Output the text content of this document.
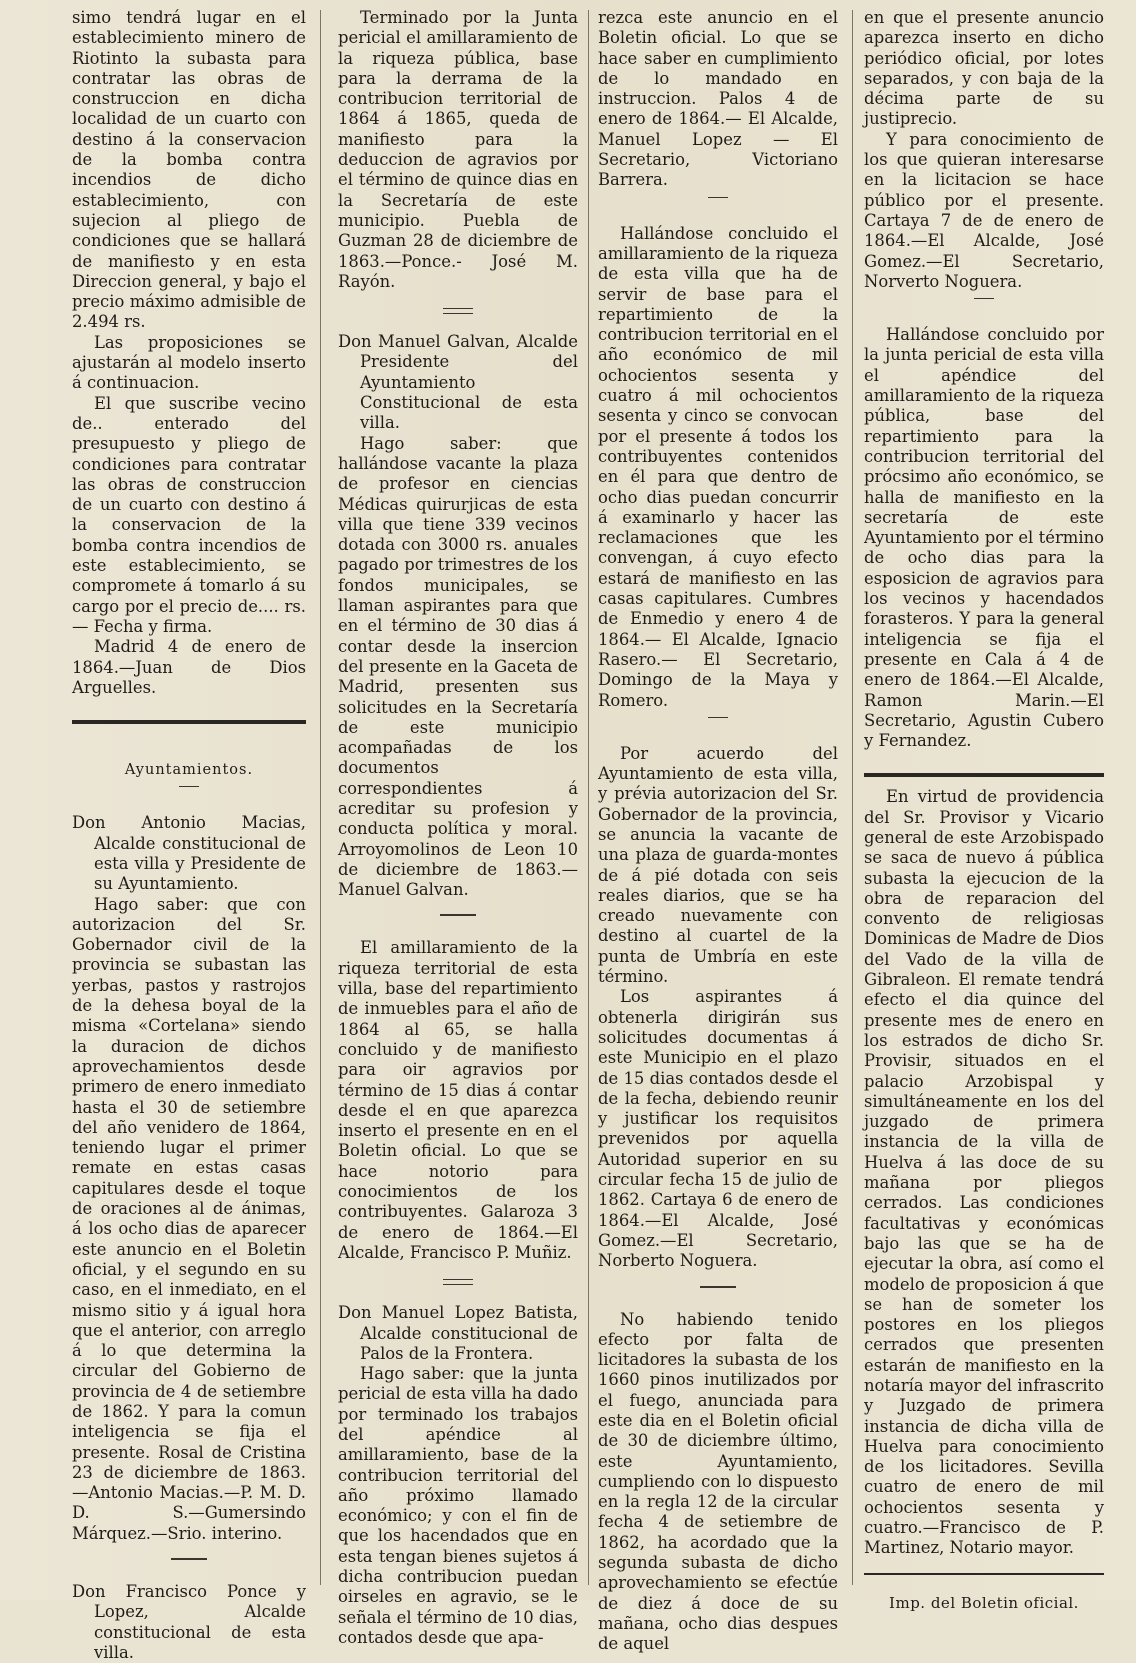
simo tendrá lugar en el establecimiento minero de Riotinto la subasta para contratar las obras de construccion en dicha localidad de un cuarto con destino á la conservacion de la bomba contra incendios de dicho establecimiento, con sujecion al pliego de condiciones que se hallará de manifiesto y en esta Direccion general, y bajo el precio máximo admisible de 2.494 rs.

Las proposiciones se ajustarán al modelo inserto á continuacion.

El que suscribe vecino de.. enterado del presupuesto y pliego de condiciones para contratar las obras de construccion de un cuarto con destino á la conservacion de la bomba contra incendios de este establecimiento, se compromete á tomarlo á su cargo por el precio de.... rs.— Fecha y firma.

Madrid 4 de enero de 1864.—Juan de Dios Arguelles.

Ayuntamientos.

Don Antonio Macias, Alcalde constitucional de esta villa y Presidente de su Ayuntamiento.

Hago saber: que con autorizacion del Sr. Gobernador civil de la provincia se subastan las yerbas, pastos y rastrojos de la dehesa boyal de la misma «Cortelana» siendo la duracion de dichos aprovechamientos desde primero de enero inmediato hasta el 30 de setiembre del año venidero de 1864, teniendo lugar el primer remate en estas casas capitulares desde el toque de oraciones al de ánimas, á los ocho dias de aparecer este anuncio en el Boletin oficial, y el segundo en su caso, en el inmediato, en el mismo sitio y á igual hora que el anterior, con arreglo á lo que determina la circular del Gobierno de provincia de 4 de setiembre de 1862. Y para la comun inteligencia se fija el presente. Rosal de Cristina 23 de diciembre de 1863. —Antonio Macias.—P. M. D. D. S.—Gumersindo Márquez.—Srio. interino.

Don Francisco Ponce y Lopez, Alcalde constitucional de esta villa.

Terminado por la Junta pericial el amillaramiento de la riqueza pública, base para la derrama de la contribucion territorial de 1864 á 1865, queda de manifiesto para la deduccion de agravios por el término de quince dias en la Secretaría de este municipio. Puebla de Guzman 28 de diciembre de 1863.—Ponce.- José M. Rayón.

Don Manuel Galvan, Alcalde Presidente del Ayuntamiento Constitucional de esta villa.

Hago saber: que hallándose vacante la plaza de profesor en ciencias Médicas quirurjicas de esta villa que tiene 339 vecinos dotada con 3000 rs. anuales pagado por trimestres de los fondos municipales, se llaman aspirantes para que en el término de 30 dias á contar desde la insercion del presente en la Gaceta de Madrid, presenten sus solicitudes en la Secretaría de este municipio acompañadas de los documentos correspondientes á acreditar su profesion y conducta política y moral. Arroyomolinos de Leon 10 de diciembre de 1863.—Manuel Galvan.

El amillaramiento de la riqueza territorial de esta villa, base del repartimiento de inmuebles para el año de 1864 al 65, se halla concluido y de manifiesto para oir agravios por término de 15 dias á contar desde el en que aparezca inserto el presente en en el Boletin oficial. Lo que se hace notorio para conocimientos de los contribuyentes. Galaroza 3 de enero de 1864.—El Alcalde, Francisco P. Muñiz.

Don Manuel Lopez Batista, Alcalde constitucional de Palos de la Frontera.

Hago saber: que la junta pericial de esta villa ha dado por terminado los trabajos del apéndice al amillaramiento, base de la contribucion territorial del año próximo llamado económico; y con el fin de que los hacendados que en esta tengan bienes sujetos á dicha contribucion puedan oirseles en agravio, se le señala el término de 10 dias, contados desde que apa-

rezca este anuncio en el Boletin oficial. Lo que se hace saber en cumplimiento de lo mandado en instruccion. Palos 4 de enero de 1864.— El Alcalde, Manuel Lopez — El Secretario, Victoriano Barrera.

Hallándose concluido el amillaramiento de la riqueza de esta villa que ha de servir de base para el repartimiento de la contribucion territorial en el año económico de mil ochocientos sesenta y cuatro á mil ochocientos sesenta y cinco se convocan por el presente á todos los contribuyentes contenidos en él para que dentro de ocho dias puedan concurrir á examinarlo y hacer las reclamaciones que les convengan, á cuyo efecto estará de manifiesto en las casas capitulares. Cumbres de Enmedio y enero 4 de 1864.— El Alcalde, Ignacio Rasero.— El Secretario, Domingo de la Maya y Romero.

Por acuerdo del Ayuntamiento de esta villa, y prévia autorizacion del Sr. Gobernador de la provincia, se anuncia la vacante de una plaza de guarda-montes de á pié dotada con seis reales diarios, que se ha creado nuevamente con destino al cuartel de la punta de Umbría en este término.

Los aspirantes á obtenerla dirigirán sus solicitudes documentas á este Municipio en el plazo de 15 dias contados desde el de la fecha, debiendo reunir y justificar los requisitos prevenidos por aquella Autoridad superior en su circular fecha 15 de julio de 1862. Cartaya 6 de enero de 1864.—El Alcalde, José Gomez.—El Secretario, Norberto Noguera.

No habiendo tenido efecto por falta de licitadores la subasta de los 1660 pinos inutilizados por el fuego, anunciada para este dia en el Boletin oficial de 30 de diciembre último, este Ayuntamiento, cumpliendo con lo dispuesto en la regla 12 de la circular fecha 4 de setiembre de 1862, ha acordado que la segunda subasta de dicho aprovechamiento se efectúe de diez á doce de su mañana, ocho dias despues de aquel

en que el presente anuncio aparezca inserto en dicho periódico oficial, por lotes separados, y con baja de la décima parte de su justiprecio.

Y para conocimiento de los que quieran interesarse en la licitacion se hace público por el presente. Cartaya 7 de de enero de 1864.—El Alcalde, José Gomez.—El Secretario, Norverto Noguera.

Hallándose concluido por la junta pericial de esta villa el apéndice del amillaramiento de la riqueza pública, base del repartimiento para la contribucion territorial del prócsimo año económico, se halla de manifiesto en la secretaría de este Ayuntamiento por el término de ocho dias para la esposicion de agravios para los vecinos y hacendados forasteros. Y para la general inteligencia se fija el presente en Cala á 4 de enero de 1864.—El Alcalde, Ramon Marin.—El Secretario, Agustin Cubero y Fernandez.

En virtud de providencia del Sr. Provisor y Vicario general de este Arzobispado se saca de nuevo á pública subasta la ejecucion de la obra de reparacion del convento de religiosas Dominicas de Madre de Dios del Vado de la villa de Gibraleon. El remate tendrá efecto el dia quince del presente mes de enero en los estrados de dicho Sr. Provisir, situados en el palacio Arzobispal y simultáneamente en los del juzgado de primera instancia de la villa de Huelva á las doce de su mañana por pliegos cerrados. Las condiciones facultativas y económicas bajo las que se ha de ejecutar la obra, así como el modelo de proposicion á que se han de someter los postores en los pliegos cerrados que presenten estarán de manifiesto en la notaría mayor del infrascrito y Juzgado de primera instancia de dicha villa de Huelva para conocimiento de los licitadores. Sevilla cuatro de enero de mil ochocientos sesenta y cuatro.—Francisco de P. Martinez, Notario mayor.

Imp. del Boletin oficial.
